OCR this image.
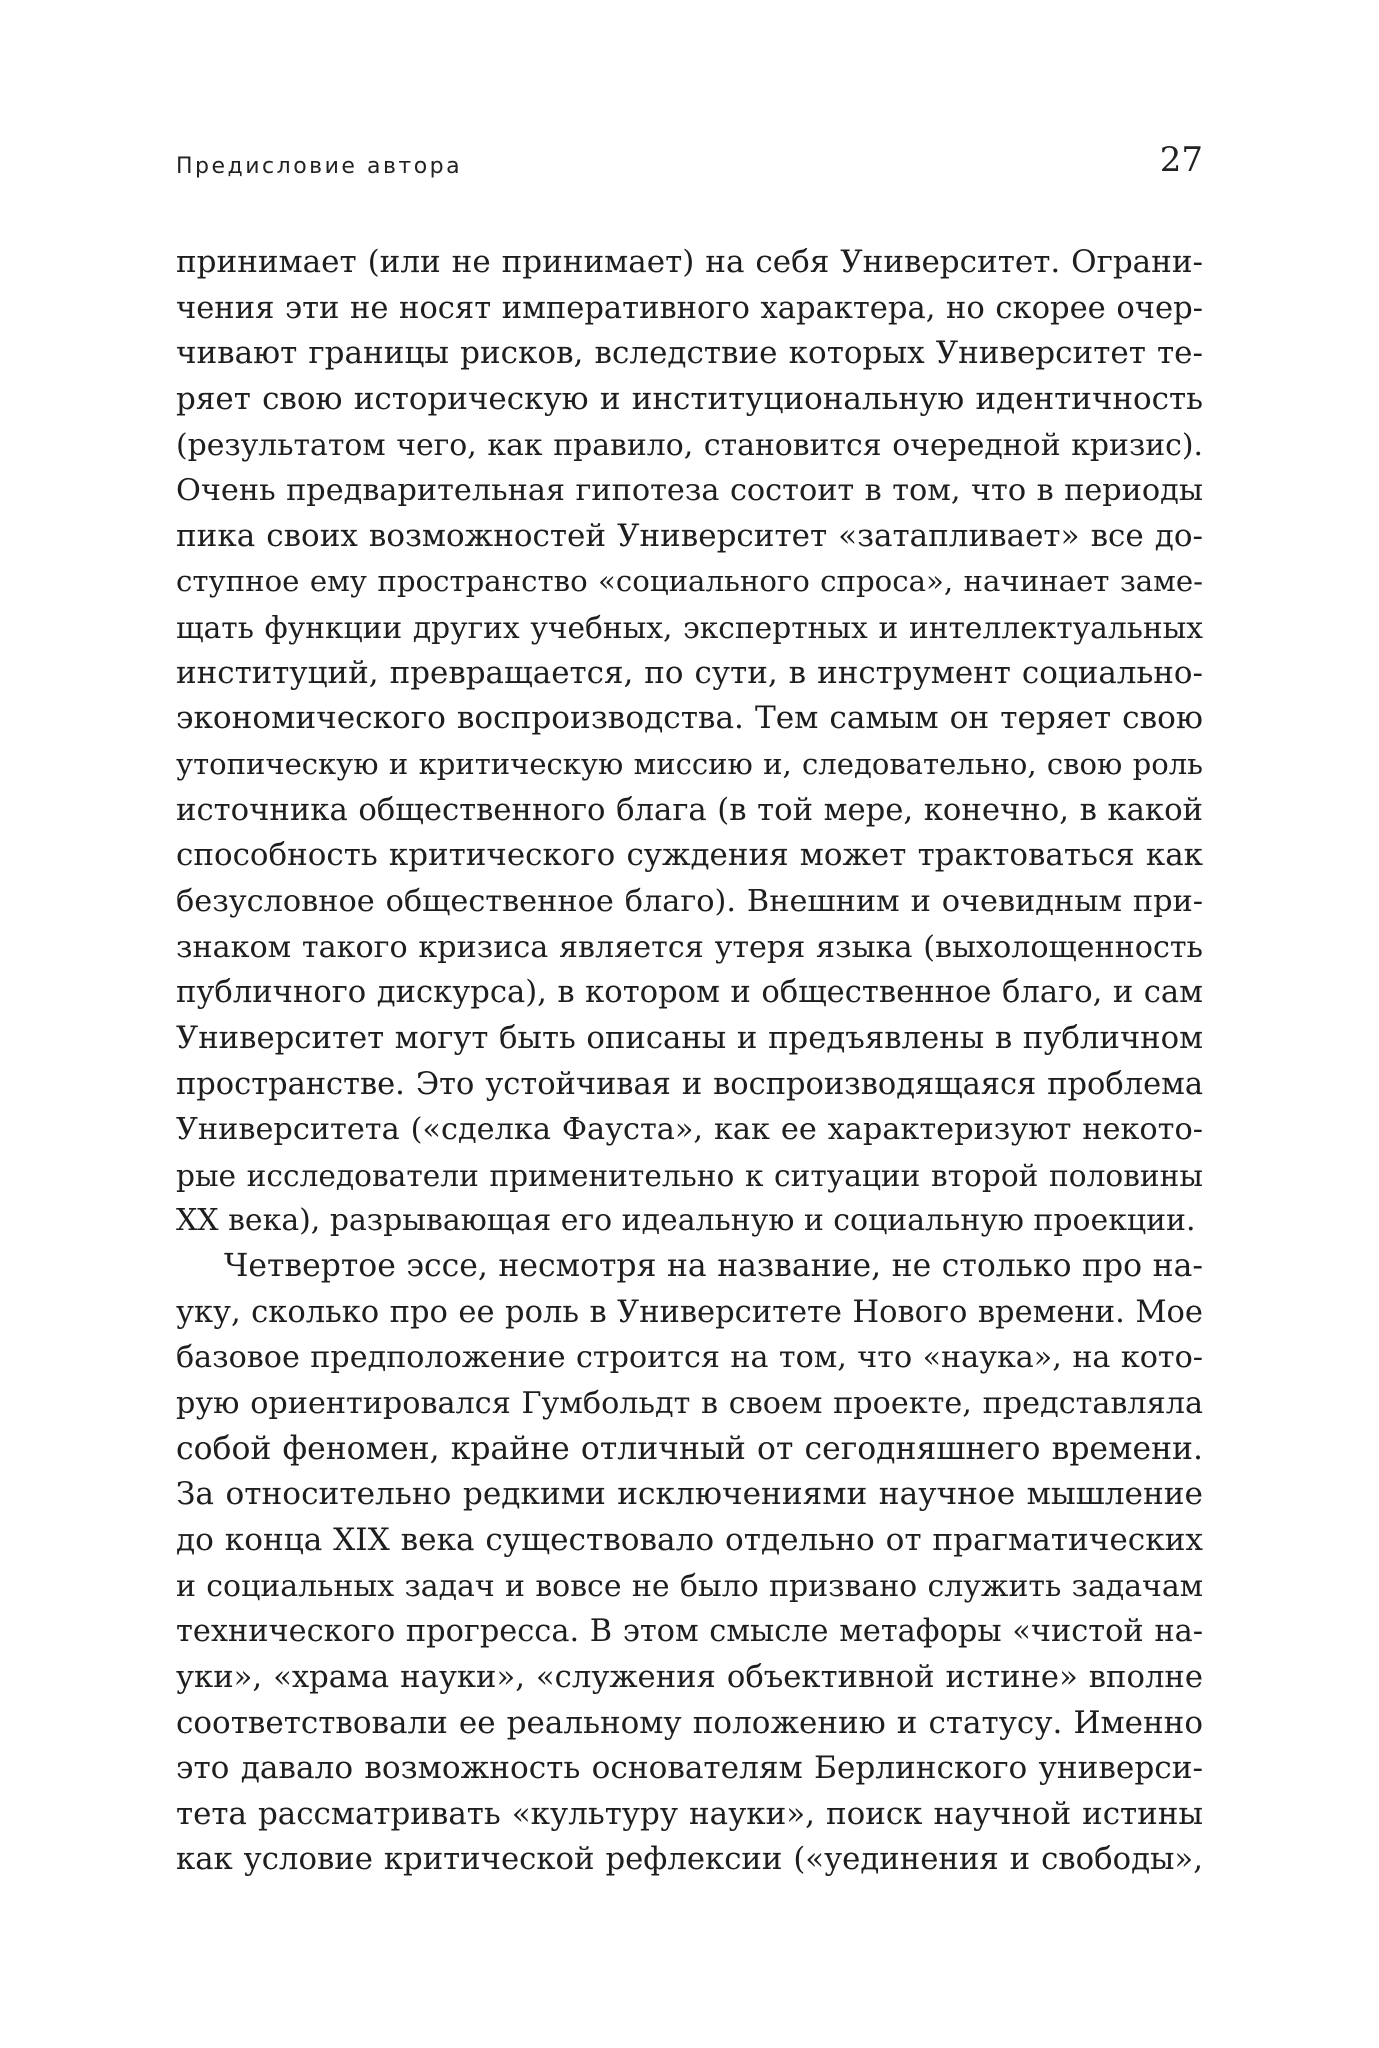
Предисловие автора	27

принимает (или не принимает) на себя Университет. Ограни-
чения эти не носят императивного характера, но скорее очер-
чивают границы рисков, вследствие которых Университет те-
ряет свою историческую и институциональную идентичность
(результатом чего, как правило, становится очередной кризис).
Очень предварительная гипотеза состоит в том, что в периоды
пика своих возможностей Университет «затапливает» все до-
ступное ему пространство «социального спроса», начинает заме-
щать функции других учебных, экспертных и интеллектуальных
институций, превращается, по сути, в инструмент социально-
экономического воспроизводства. Тем самым он теряет свою
утопическую и критическую миссию и, следовательно, свою роль
источника общественного блага (в той мере, конечно, в какой
способность критического суждения может трактоваться как
безусловное общественное благо). Внешним и очевидным при-
знаком такого кризиса является утеря языка (выхолощенность
публичного дискурса), в котором и общественное благо, и сам
Университет могут быть описаны и предъявлены в публичном
пространстве. Это устойчивая и воспроизводящаяся проблема
Университета («сделка Фауста», как ее характеризуют некото-
рые исследователи применительно к ситуации второй половины
XX века), разрывающая его идеальную и социальную проекции.

Четвертое эссе, несмотря на название, не столько про на-
уку, сколько про ее роль в Университете Нового времени. Мое
базовое предположение строится на том, что «наука», на кото-
рую ориентировался Гумбольдт в своем проекте, представляла
собой феномен, крайне отличный от сегодняшнего времени.
За относительно редкими исключениями научное мышление
до конца XIX века существовало отдельно от прагматических
и социальных задач и вовсе не было призвано служить задачам
технического прогресса. В этом смысле метафоры «чистой на-
уки», «храма науки», «служения объективной истине» вполне
соответствовали ее реальному положению и статусу. Именно
это давало возможность основателям Берлинского универси-
тета рассматривать «культуру науки», поиск научной истины
как условие критической рефлексии («уединения и свободы»,
